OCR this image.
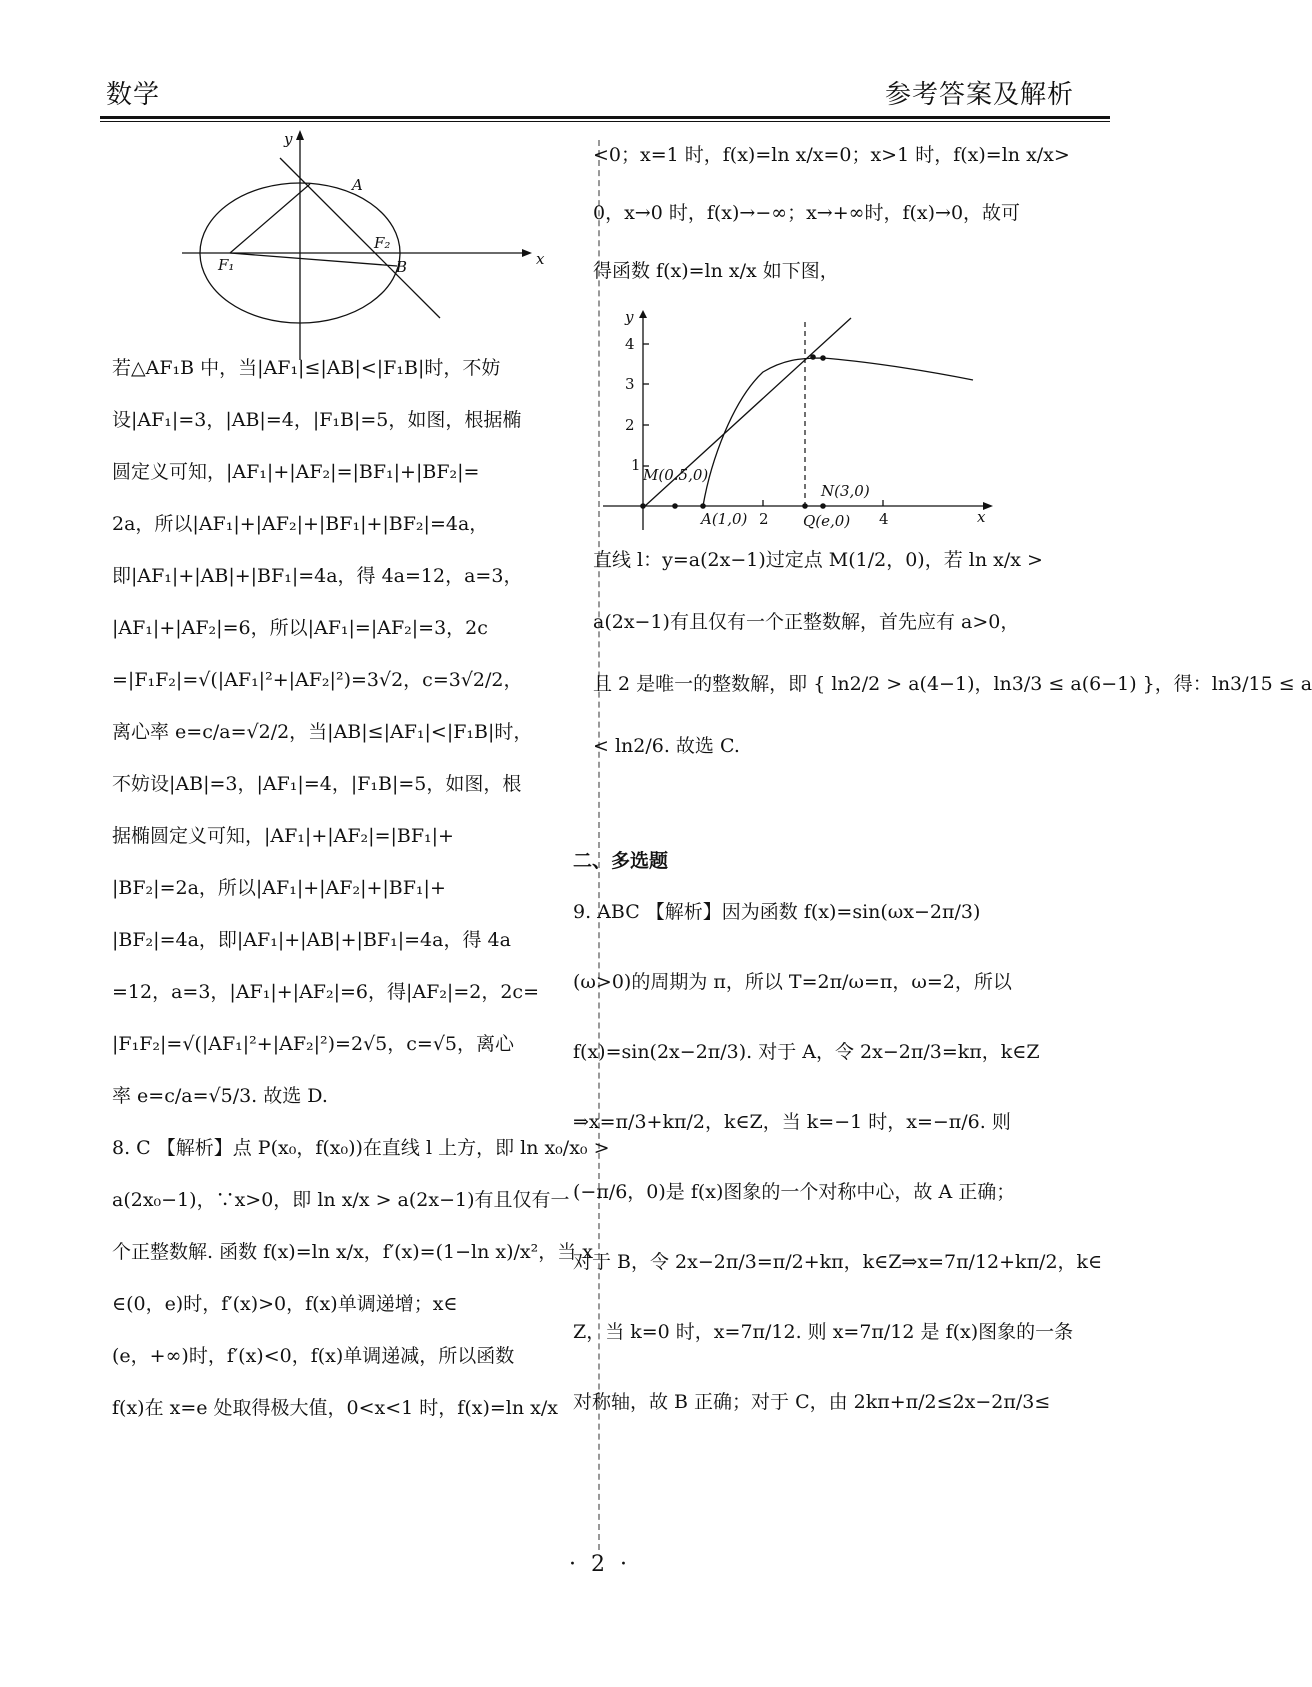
数学	参考答案及解析
y
x
A
F₂
F₁	B
若△AF₁B 中，当|AF₁|≤|AB|<|F₁B|时，不妨
设|AF₁|=3，|AB|=4，|F₁B|=5，如图，根据椭
圆定义可知，|AF₁|+|AF₂|=|BF₁|+|BF₂|=
2a，所以|AF₁|+|AF₂|+|BF₁|+|BF₂|=4a，
即|AF₁|+|AB|+|BF₁|=4a，得 4a=12，a=3，
|AF₁|+|AF₂|=6，所以|AF₁|=|AF₂|=3，2c
=|F₁F₂|=√(|AF₁|²+|AF₂|²)=3√2，c=3√2/2，
离心率 e=c/a=√2/2，当|AB|≤|AF₁|<|F₁B|时，
不妨设|AB|=3，|AF₁|=4，|F₁B|=5，如图，根
据椭圆定义可知，|AF₁|+|AF₂|=|BF₁|+
|BF₂|=2a，所以|AF₁|+|AF₂|+|BF₁|+
|BF₂|=4a，即|AF₁|+|AB|+|BF₁|=4a，得 4a
=12，a=3，|AF₁|+|AF₂|=6，得|AF₂|=2，2c=
|F₁F₂|=√(|AF₁|²+|AF₂|²)=2√5，c=√5，离心
率 e=c/a=√5/3. 故选 D.
8. C 【解析】点 P(x₀，f(x₀))在直线 l 上方，即 ln x₀/x₀ >
a(2x₀−1)，∵x>0，即 ln x/x > a(2x−1)有且仅有一
个正整数解. 函数 f(x)=ln x/x，f′(x)=(1−ln x)/x²，当 x
∈(0，e)时，f′(x)>0，f(x)单调递增；x∈
(e，+∞)时，f′(x)<0，f(x)单调递减，所以函数
f(x)在 x=e 处取得极大值，0<x<1 时，f(x)=ln x/x
<0；x=1 时，f(x)=ln x/x=0；x>1 时，f(x)=ln x/x>
0，x→0 时，f(x)→−∞；x→+∞时，f(x)→0，故可
得函数 f(x)=ln x/x 如下图，
y
x
4
3
2
1
2	4
M(0.5,0)
A(1,0)	Q(e,0)
N(3,0)
直线 l：y=a(2x−1)过定点 M(1/2，0)，若 ln x/x >
a(2x−1)有且仅有一个正整数解，首先应有 a>0，
且 2 是唯一的整数解，即 { ln2/2 > a(4−1)，ln3/3 ≤ a(6−1) }，得：ln3/15 ≤ a
< ln2/6. 故选 C.
二、多选题
9. ABC 【解析】因为函数 f(x)=sin(ωx−2π/3)
(ω>0)的周期为 π，所以 T=2π/ω=π，ω=2，所以
f(x)=sin(2x−2π/3). 对于 A，令 2x−2π/3=kπ，k∈Z
⇒x=π/3+kπ/2，k∈Z，当 k=−1 时，x=−π/6. 则
(−π/6，0)是 f(x)图象的一个对称中心，故 A 正确；
对于 B，令 2x−2π/3=π/2+kπ，k∈Z⇒x=7π/12+kπ/2，k∈
Z，当 k=0 时，x=7π/12. 则 x=7π/12 是 f(x)图象的一条
对称轴，故 B 正确；对于 C，由 2kπ+π/2≤2x−2π/3≤
· 2 ·
